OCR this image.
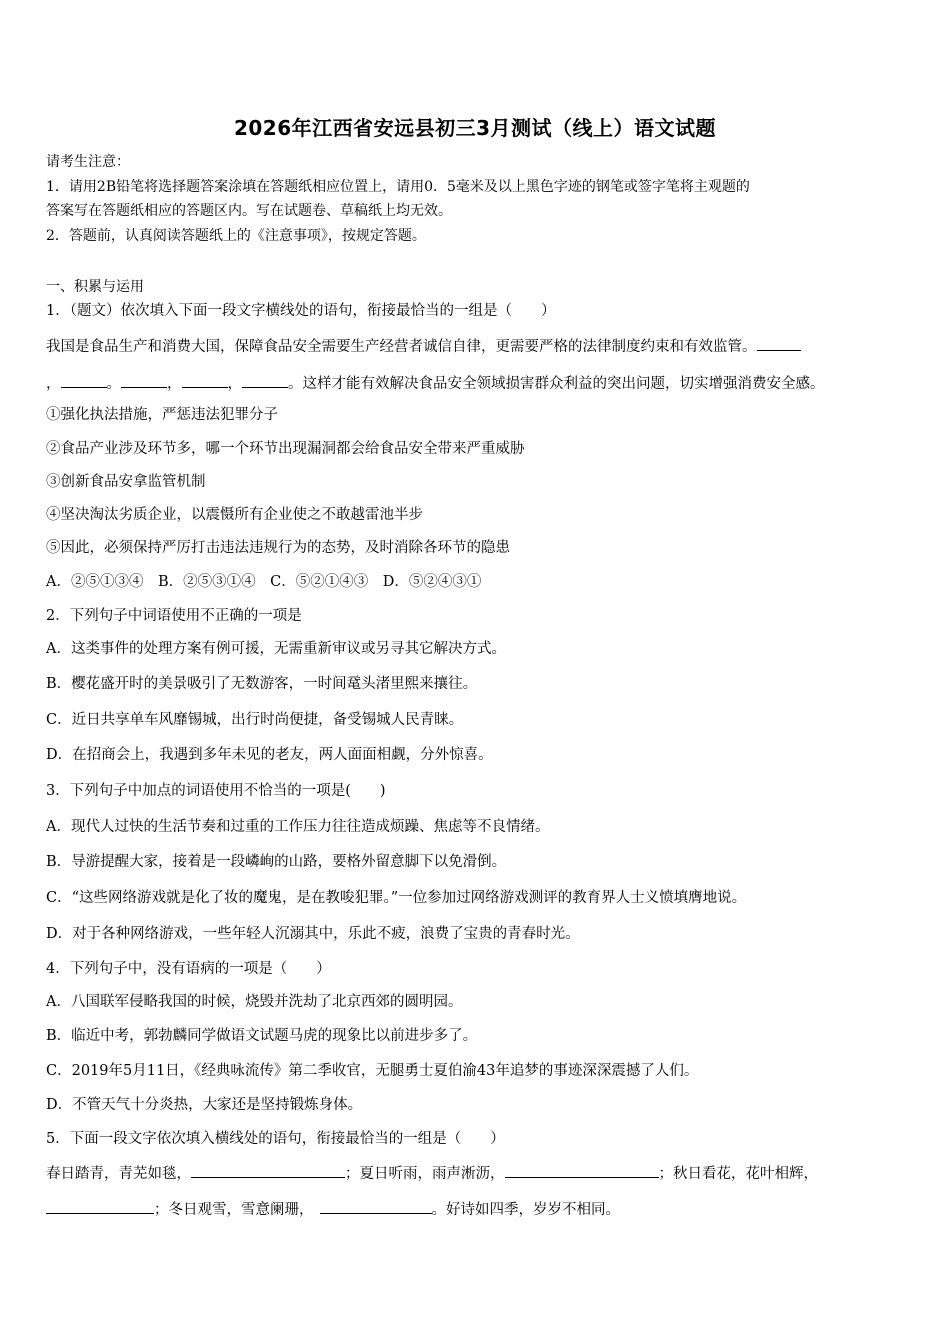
2026年江西省安远县初三3月测试（线上）语文试题
请考生注意：
1．请用2B铅笔将选择题答案涂填在答题纸相应位置上，请用0．5毫米及以上黑色字迹的钢笔或签字笔将主观题的
答案写在答题纸相应的答题区内。写在试题卷、草稿纸上均无效。
2．答题前，认真阅读答题纸上的《注意事项》，按规定答题。
一、积累与运用
1．（题文）依次填入下面一段文字横线处的语句，衔接最恰当的一组是（　　）
我国是食品生产和消费大国，保障食品安全需要生产经营者诚信自律，更需要严格的法律制度约束和有效监管。
，	。	，	，	。这样才能有效解决食品安全领域损害群众利益的突出问题，切实增强消费安全感。
①强化执法措施，严惩违法犯罪分子
②食品产业涉及环节多，哪一个环节出现漏洞都会给食品安全带来严重威胁
③创新食品安拿监管机制
④坚决淘汰劣质企业，以震慑所有企业使之不敢越雷池半步
⑤因此，必须保持严厉打击违法违规行为的态势，及时消除各环节的隐患
A．②⑤①③④　B．②⑤③①④　C．⑤②①④③　D．⑤②④③①
2．下列句子中词语使用不正确的一项是
A．这类事件的处理方案有例可援，无需重新审议或另寻其它解决方式。
B．樱花盛开时的美景吸引了无数游客，一时间鼋头渚里熙来攘往。
C．近日共享单车风靡锡城，出行时尚便捷，备受锡城人民青睐。
D．在招商会上，我遇到多年未见的老友，两人面面相觑，分外惊喜。
3．下列句子中加点的词语使用不恰当的一项是(　　)
A．现代人过快的生活节奏和过重的工作压力往往造成烦躁、焦虑等不良情绪。
B．导游提醒大家，接着是一段嶙峋的山路，要格外留意脚下以免滑倒。
C．“这些网络游戏就是化了妆的魔鬼，是在教唆犯罪。”一位参加过网络游戏测评的教育界人士义愤填膺地说。
D．对于各种网络游戏，一些年轻人沉溺其中，乐此不疲，浪费了宝贵的青春时光。
4．下列句子中，没有语病的一项是（　　）
A．八国联军侵略我国的时候，烧毁并洗劫了北京西郊的圆明园。
B．临近中考，郭勃麟同学做语文试题马虎的现象比以前进步多了。
C．2019年5月11日，《经典咏流传》第二季收官，无腿勇士夏伯渝43年追梦的事迹深深震撼了人们。
D．不管天气十分炎热，大家还是坚持锻炼身体。
5．下面一段文字依次填入横线处的语句，衔接最恰当的一组是（　　）
春日踏青，青芜如毯，	；夏日听雨，雨声淅沥，	；秋日看花，花叶相辉，
；冬日观雪，雪意阑珊，	。好诗如四季，岁岁不相同。
